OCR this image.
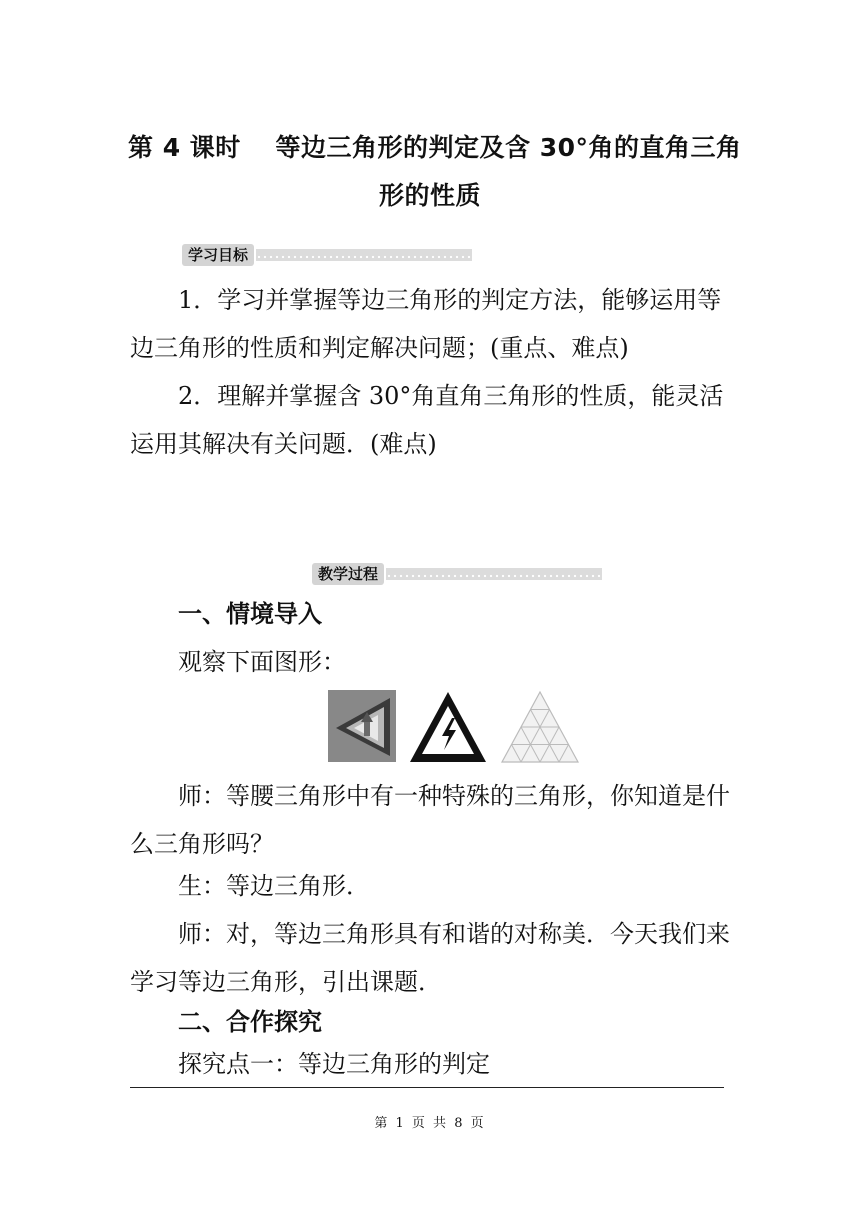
第 4 课时　 等边三角形的判定及含 30°角的直角三角
形的性质
学习目标
1．学习并掌握等边三角形的判定方法，能够运用等边三角形的性质和判定解决问题；(重点、难点)
2．理解并掌握含 30°角直角三角形的性质，能灵活运用其解决有关问题．(难点)
教学过程
一、情境导入
观察下面图形：
师：等腰三角形中有一种特殊的三角形，你知道是什么三角形吗？
生：等边三角形．
师：对，等边三角形具有和谐的对称美．今天我们来学习等边三角形，引出课题．
二、合作探究
探究点一：等边三角形的判定
第 1 页 共 8 页
